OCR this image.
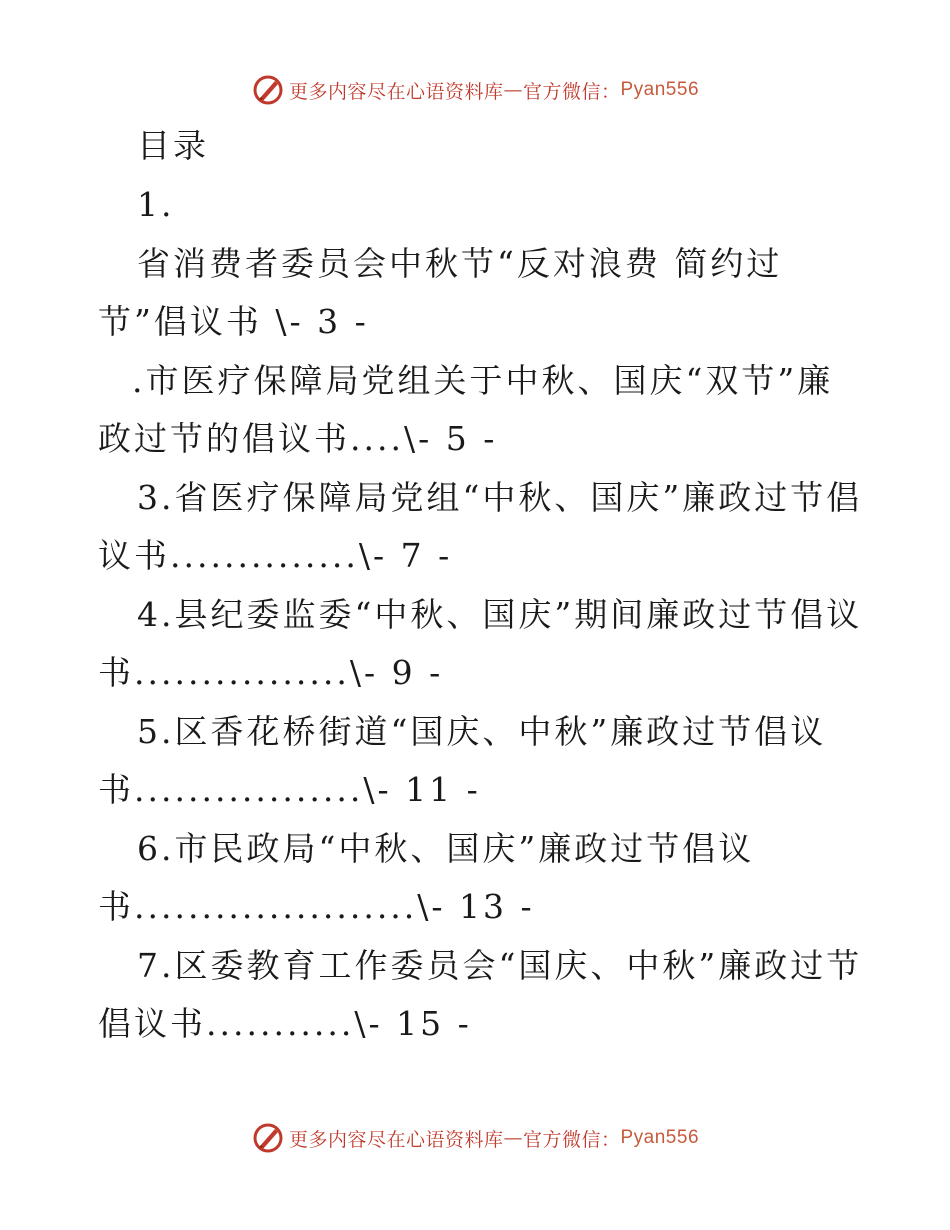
更多内容尽在心语资料库 — 官方微信： Pyan556
目录
1.
省消费者委员会中秋节“反对浪费 简约过
节”倡议书 \- 3 -
.市医疗保障局党组关于中秋、国庆“双节”廉
政过节的倡议书....\- 5 -
3.省医疗保障局党组“中秋、国庆”廉政过节倡
议书..............\- 7 -
4.县纪委监委“中秋、国庆”期间廉政过节倡议
书................\- 9 -
5.区香花桥街道“国庆、中秋”廉政过节倡议
书.................\- 11 -
6.市民政局“中秋、国庆”廉政过节倡议
书.....................\- 13 -
7.区委教育工作委员会“国庆、中秋”廉政过节
倡议书...........\- 15 -
更多内容尽在心语资料库 — 官方微信： Pyan556
